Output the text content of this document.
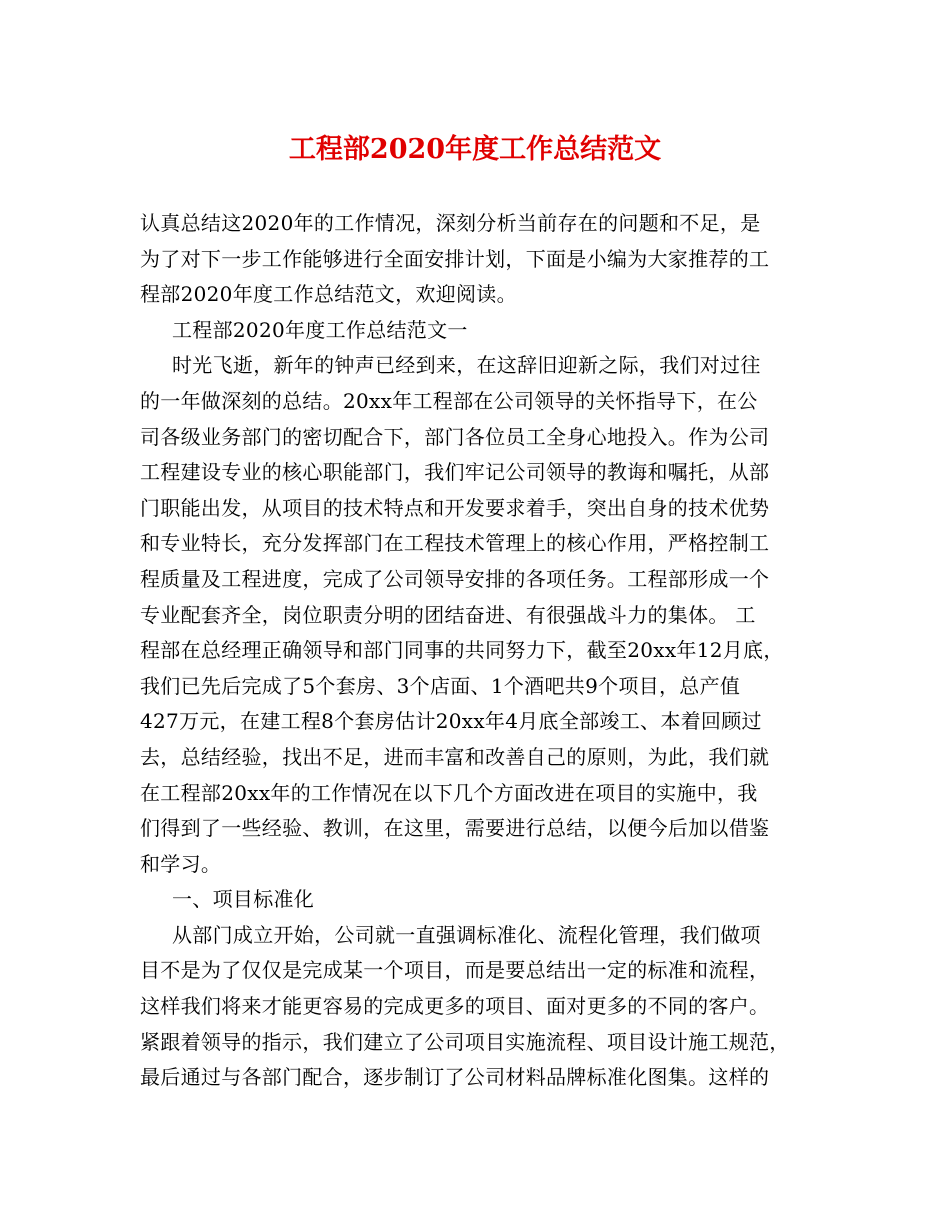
工程部2020年度工作总结范文
认真总结这2020年的工作情况，深刻分析当前存在的问题和不足，是
为了对下一步工作能够进行全面安排计划，下面是小编为大家推荐的工
程部2020年度工作总结范文，欢迎阅读。
工程部2020年度工作总结范文一
时光飞逝，新年的钟声已经到来，在这辞旧迎新之际，我们对过往
的一年做深刻的总结。20xx年工程部在公司领导的关怀指导下，在公
司各级业务部门的密切配合下，部门各位员工全身心地投入。作为公司
工程建设专业的核心职能部门，我们牢记公司领导的教诲和嘱托，从部
门职能出发，从项目的技术特点和开发要求着手，突出自身的技术优势
和专业特长，充分发挥部门在工程技术管理上的核心作用，严格控制工
程质量及工程进度，完成了公司领导安排的各项任务。工程部形成一个
专业配套齐全，岗位职责分明的团结奋进、有很强战斗力的集体。 工
程部在总经理正确领导和部门同事的共同努力下，截至20xx年12月底，
我们已先后完成了5个套房、3个店面、1个酒吧共9个项目，总产值
427万元，在建工程8个套房估计20xx年4月底全部竣工、本着回顾过
去，总结经验，找出不足，进而丰富和改善自己的原则，为此，我们就
在工程部20xx年的工作情况在以下几个方面改进在项目的实施中，我
们得到了一些经验、教训，在这里，需要进行总结，以便今后加以借鉴
和学习。
一、项目标准化
从部门成立开始，公司就一直强调标准化、流程化管理，我们做项
目不是为了仅仅是完成某一个项目，而是要总结出一定的标准和流程，
这样我们将来才能更容易的完成更多的项目、面对更多的不同的客户。
紧跟着领导的指示，我们建立了公司项目实施流程、项目设计施工规范，
最后通过与各部门配合，逐步制订了公司材料品牌标准化图集。这样的
